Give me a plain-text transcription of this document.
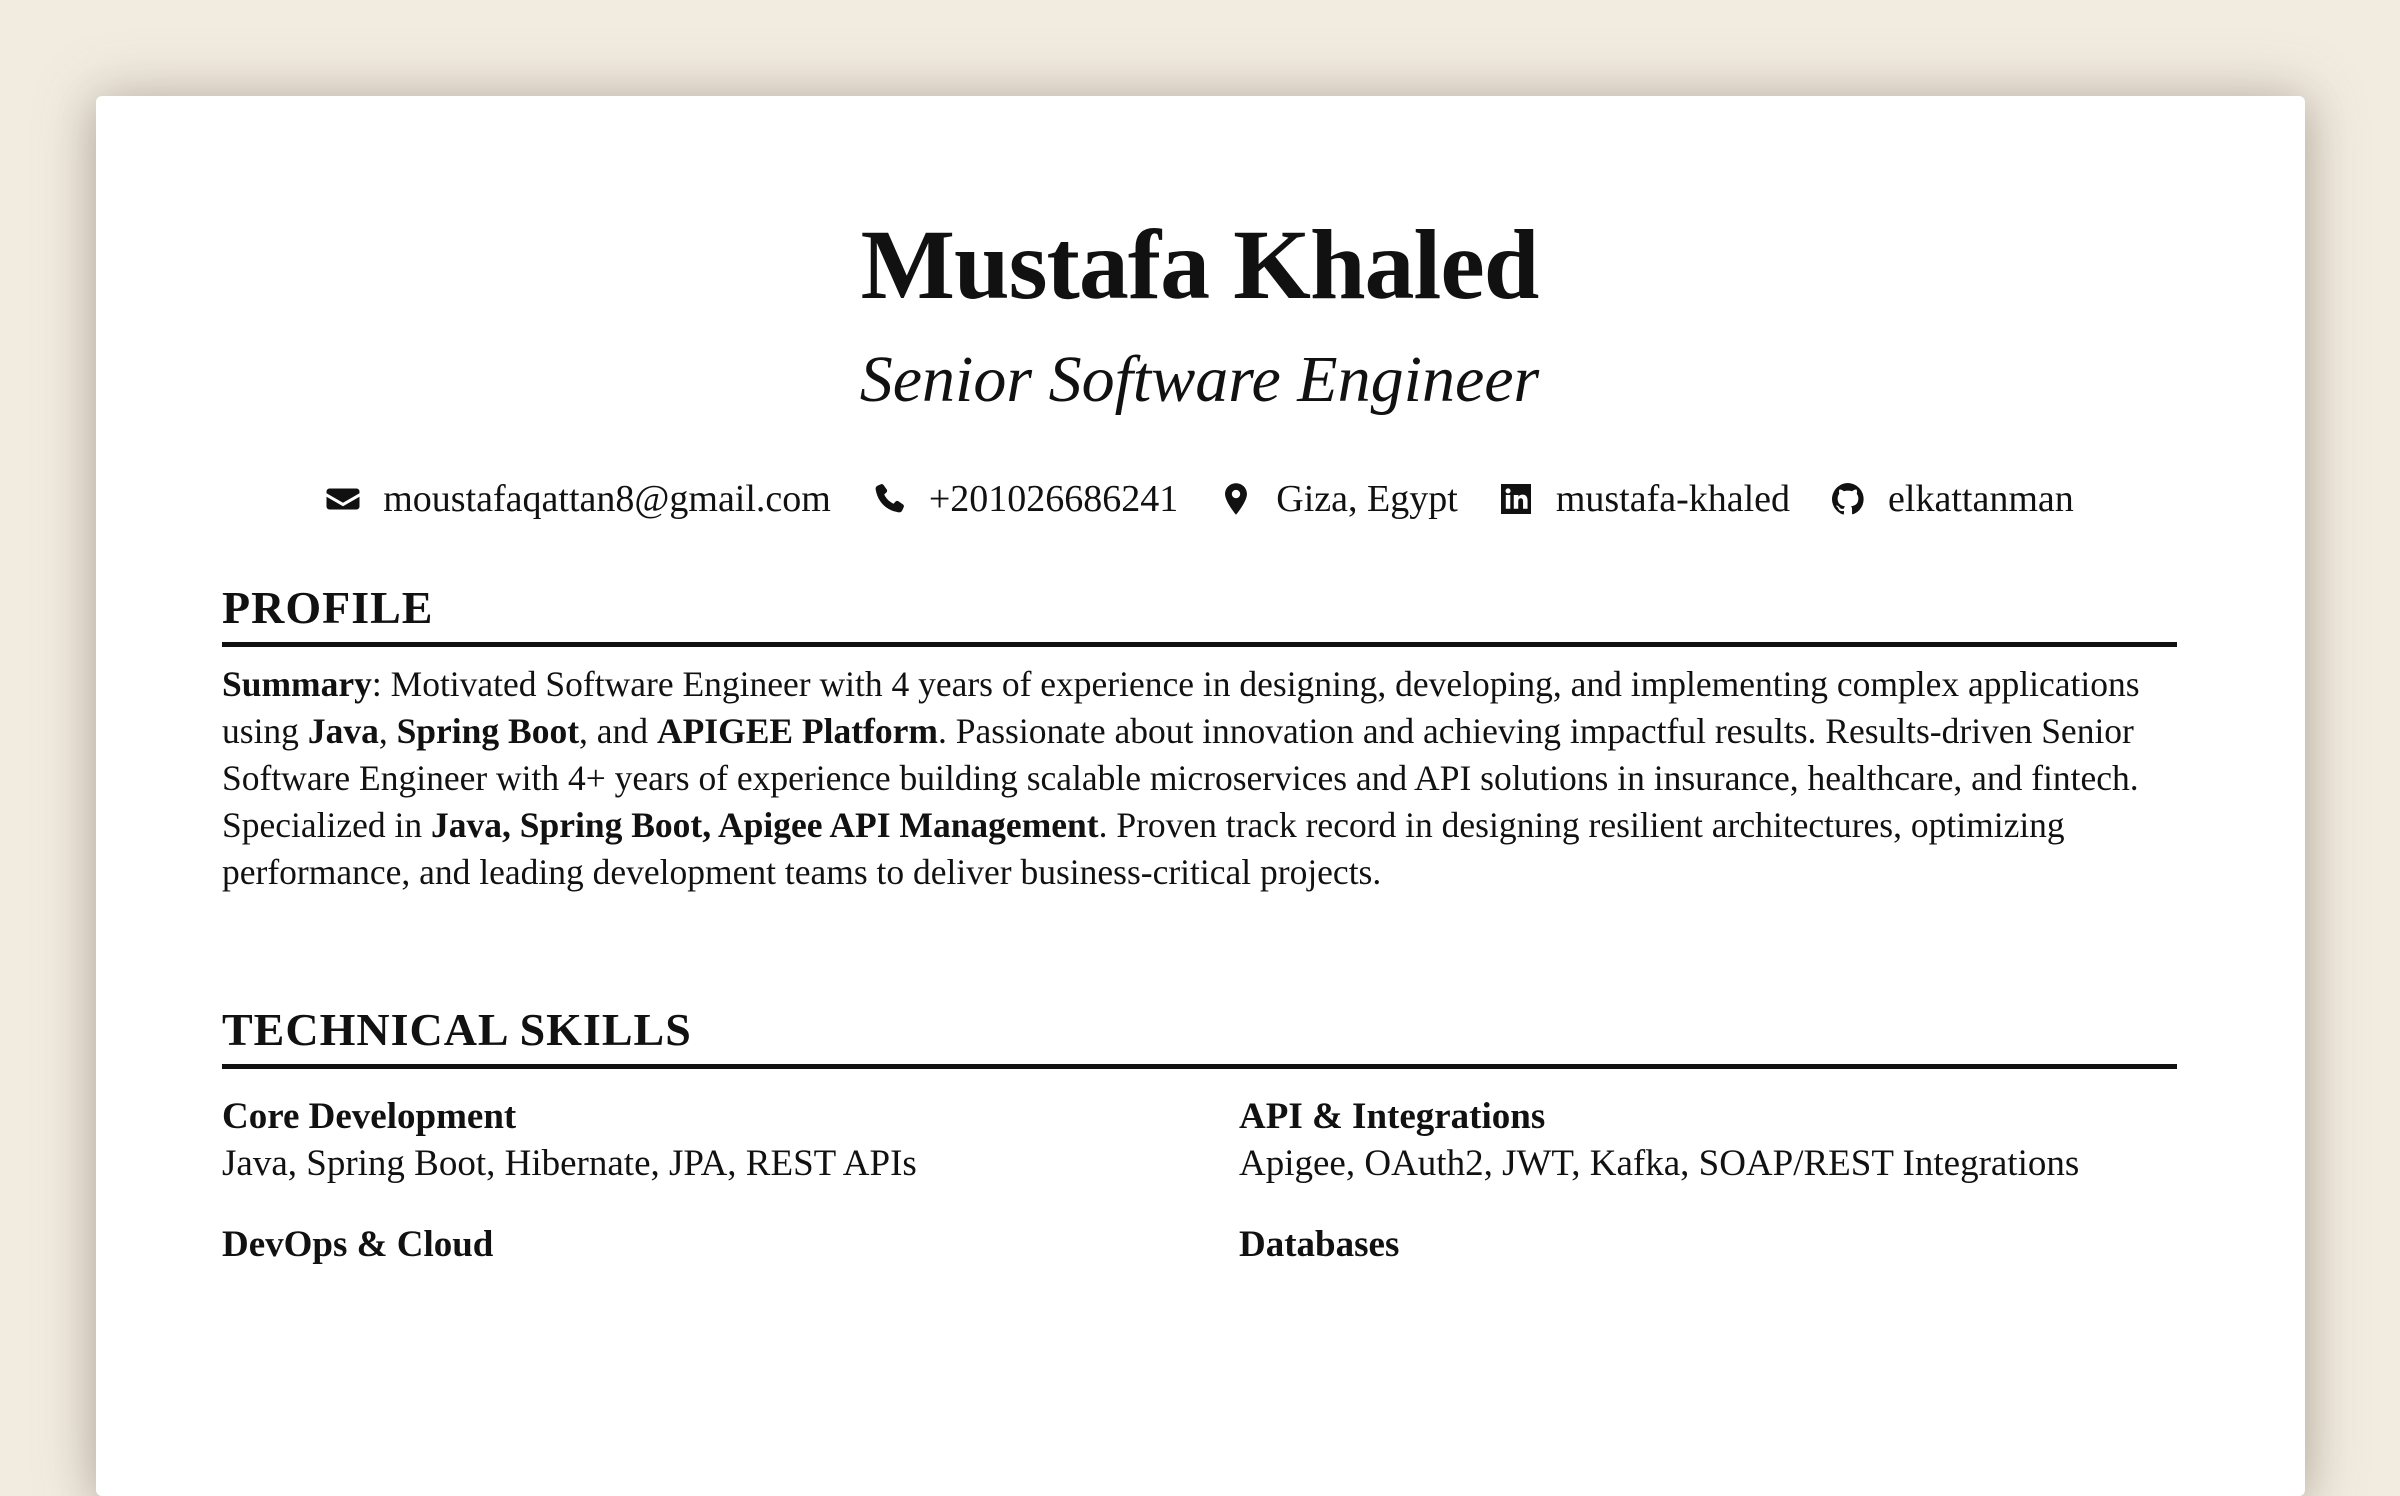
Mustafa Khaled
Senior Software Engineer
moustafaqattan8@gmail.com	+201026686241	Giza, Egypt	mustafa-khaled	elkattanman
PROFILE

Summary: Motivated Software Engineer with 4 years of experience in designing, developing, and implementing complex applications using Java, Spring Boot, and APIGEE Platform. Passionate about innovation and achieving impactful results. Results-driven Senior Software Engineer with 4+ years of experience building scalable microservices and API solutions in insurance, healthcare, and fintech. Specialized in Java, Spring Boot, Apigee API Management. Proven track record in designing resilient architectures, optimizing performance, and leading development teams to deliver business-critical projects.

TECHNICAL SKILLS
Core Development
Java, Spring Boot, Hibernate, JPA, REST APIs
API & Integrations
Apigee, OAuth2, JWT, Kafka, SOAP/REST Integrations
DevOps & Cloud	Databases
